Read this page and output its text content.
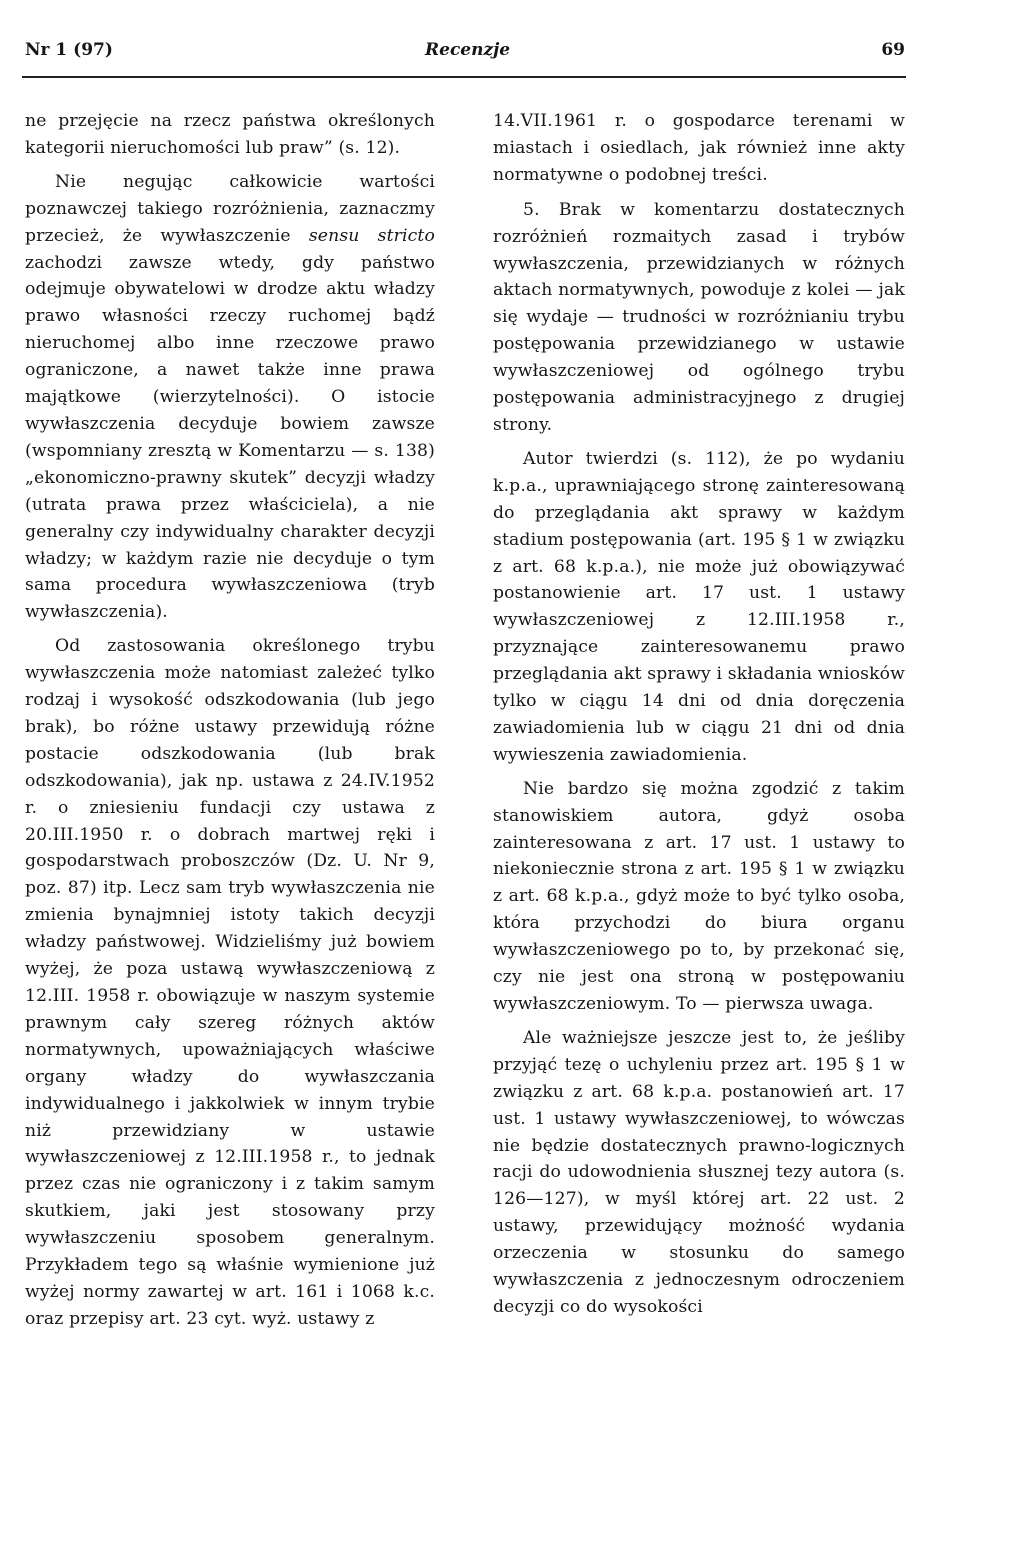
Nr 1 (97)	Recenzje	69

ne przejęcie na rzecz państwa określonych kategorii nieruchomości lub praw” (s. 12).

Nie negując całkowicie wartości poznawczej takiego rozróżnienia, zaznaczmy przecież, że wywłaszczenie sensu stricto zachodzi zawsze wtedy, gdy państwo odejmuje obywatelowi w drodze aktu władzy prawo własności rzeczy ruchomej bądź nieruchomej albo inne rzeczowe prawo ograniczone, a nawet także inne prawa majątkowe (wierzytelności). O istocie wywłaszczenia decyduje bowiem zawsze (wspomniany zresztą w Komentarzu — s. 138) „ekonomiczno-prawny skutek” decyzji władzy (utrata prawa przez właściciela), a nie generalny czy indywidualny charakter decyzji władzy; w każdym razie nie decyduje o tym sama procedura wywłaszczeniowa (tryb wywłaszczenia).

Od zastosowania określonego trybu wywłaszczenia może natomiast zależeć tylko rodzaj i wysokość odszkodowania (lub jego brak), bo różne ustawy przewidują różne postacie odszkodowania (lub brak odszkodowania), jak np. ustawa z 24.IV.1952 r. o zniesieniu fundacji czy ustawa z 20.III.1950 r. o dobrach martwej ręki i gospodarstwach proboszczów (Dz. U. Nr 9, poz. 87) itp. Lecz sam tryb wywłaszczenia nie zmienia bynajmniej istoty takich decyzji władzy państwowej. Widzieliśmy już bowiem wyżej, że poza ustawą wywłaszczeniową z 12.III. 1958 r. obowiązuje w naszym systemie prawnym cały szereg różnych aktów normatywnych, upoważniających właściwe organy władzy do wywłaszczania indywidualnego i jakkolwiek w innym trybie niż przewidziany w ustawie wywłaszczeniowej z 12.III.1958 r., to jednak przez czas nie ograniczony i z takim samym skutkiem, jaki jest stosowany przy wywłaszczeniu sposobem generalnym. Przykładem tego są właśnie wymienione już wyżej normy zawartej w art. 161 i 1068 k.c. oraz przepisy art. 23 cyt. wyż. ustawy z

14.VII.1961 r. o gospodarce terenami w miastach i osiedlach, jak również inne akty normatywne o podobnej treści.

5. Brak w komentarzu dostatecznych rozróżnień rozmaitych zasad i trybów wywłaszczenia, przewidzianych w różnych aktach normatywnych, powoduje z kolei — jak się wydaje — trudności w rozróżnianiu trybu postępowania przewidzianego w ustawie wywłaszczeniowej od ogólnego trybu postępowania administracyjnego z drugiej strony.

Autor twierdzi (s. 112), że po wydaniu k.p.a., uprawniającego stronę zainteresowaną do przeglądania akt sprawy w każdym stadium postępowania (art. 195 § 1 w związku z art. 68 k.p.a.), nie może już obowiązywać postanowienie art. 17 ust. 1 ustawy wywłaszczeniowej z 12.III.1958 r., przyznające zainteresowanemu prawo przeglądania akt sprawy i składania wniosków tylko w ciągu 14 dni od dnia doręczenia zawiadomienia lub w ciągu 21 dni od dnia wywieszenia zawiadomienia.

Nie bardzo się można zgodzić z takim stanowiskiem autora, gdyż osoba zainteresowana z art. 17 ust. 1 ustawy to niekoniecznie strona z art. 195 § 1 w związku z art. 68 k.p.a., gdyż może to być tylko osoba, która przychodzi do biura organu wywłaszczeniowego po to, by przekonać się, czy nie jest ona stroną w postępowaniu wywłaszczeniowym. To — pierwsza uwaga.

Ale ważniejsze jeszcze jest to, że jeśliby przyjąć tezę o uchyleniu przez art. 195 § 1 w związku z art. 68 k.p.a. postanowień art. 17 ust. 1 ustawy wywłaszczeniowej, to wówczas nie będzie dostatecznych prawno-logicznych racji do udowodnienia słusznej tezy autora (s. 126—127), w myśl której art. 22 ust. 2 ustawy, przewidujący możność wydania orzeczenia w stosunku do samego wywłaszczenia z jednoczesnym odroczeniem decyzji co do wysokości
